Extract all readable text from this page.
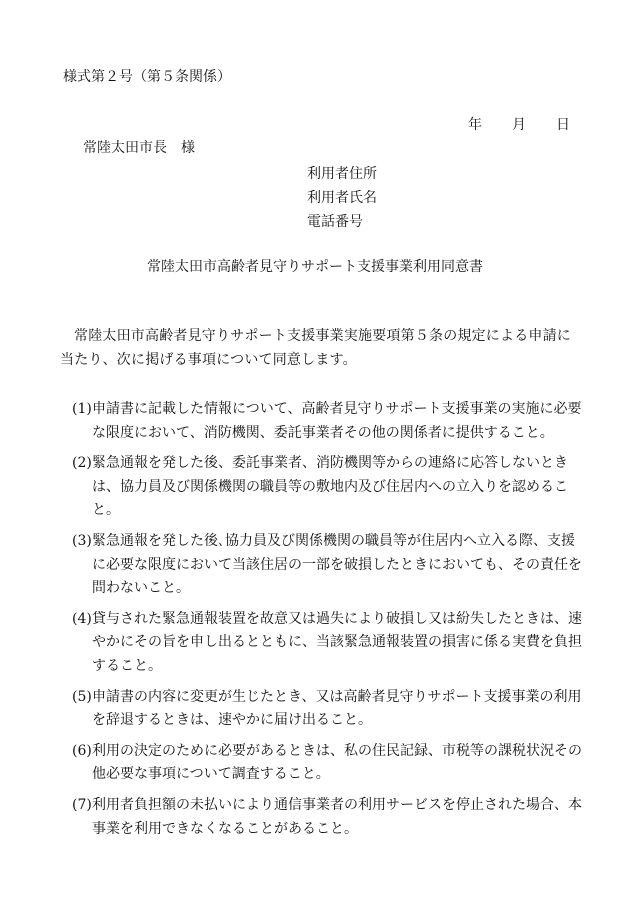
様式第２号（第５条関係）
年 月 日
常陸太田市長　様
利用者住所
利用者氏名
電話番号
常陸太田市高齢者見守りサポート支援事業利用同意書
常陸太田市高齢者見守りサポート支援事業実施要項第５条の規定による申請に当たり、次に掲げる事項について同意します。
(1) 申請書に記載した情報について、高齢者見守りサポート支援事業の実施に必要な限度において、消防機関、委託事業者その他の関係者に提供すること。
(2) 緊急通報を発した後、委託事業者、消防機関等からの連絡に応答しないときは、協力員及び関係機関の職員等の敷地内及び住居内への立入りを認めること。
(3) 緊急通報を発した後､協力員及び関係機関の職員等が住居内へ立入る際、支援に必要な限度において当該住居の一部を破損したときにおいても、その責任を問わないこと。
(4) 貸与された緊急通報装置を故意又は過失により破損し又は紛失したときは、速やかにその旨を申し出るとともに、当該緊急通報装置の損害に係る実費を負担すること。
(5) 申請書の内容に変更が生じたとき、又は高齢者見守りサポート支援事業の利用を辞退するときは、速やかに届け出ること。
(6) 利用の決定のために必要があるときは、私の住民記録、市税等の課税状況その他必要な事項について調査すること。
(7) 利用者負担額の未払いにより通信事業者の利用サービスを停止された場合、本事業を利用できなくなることがあること。
